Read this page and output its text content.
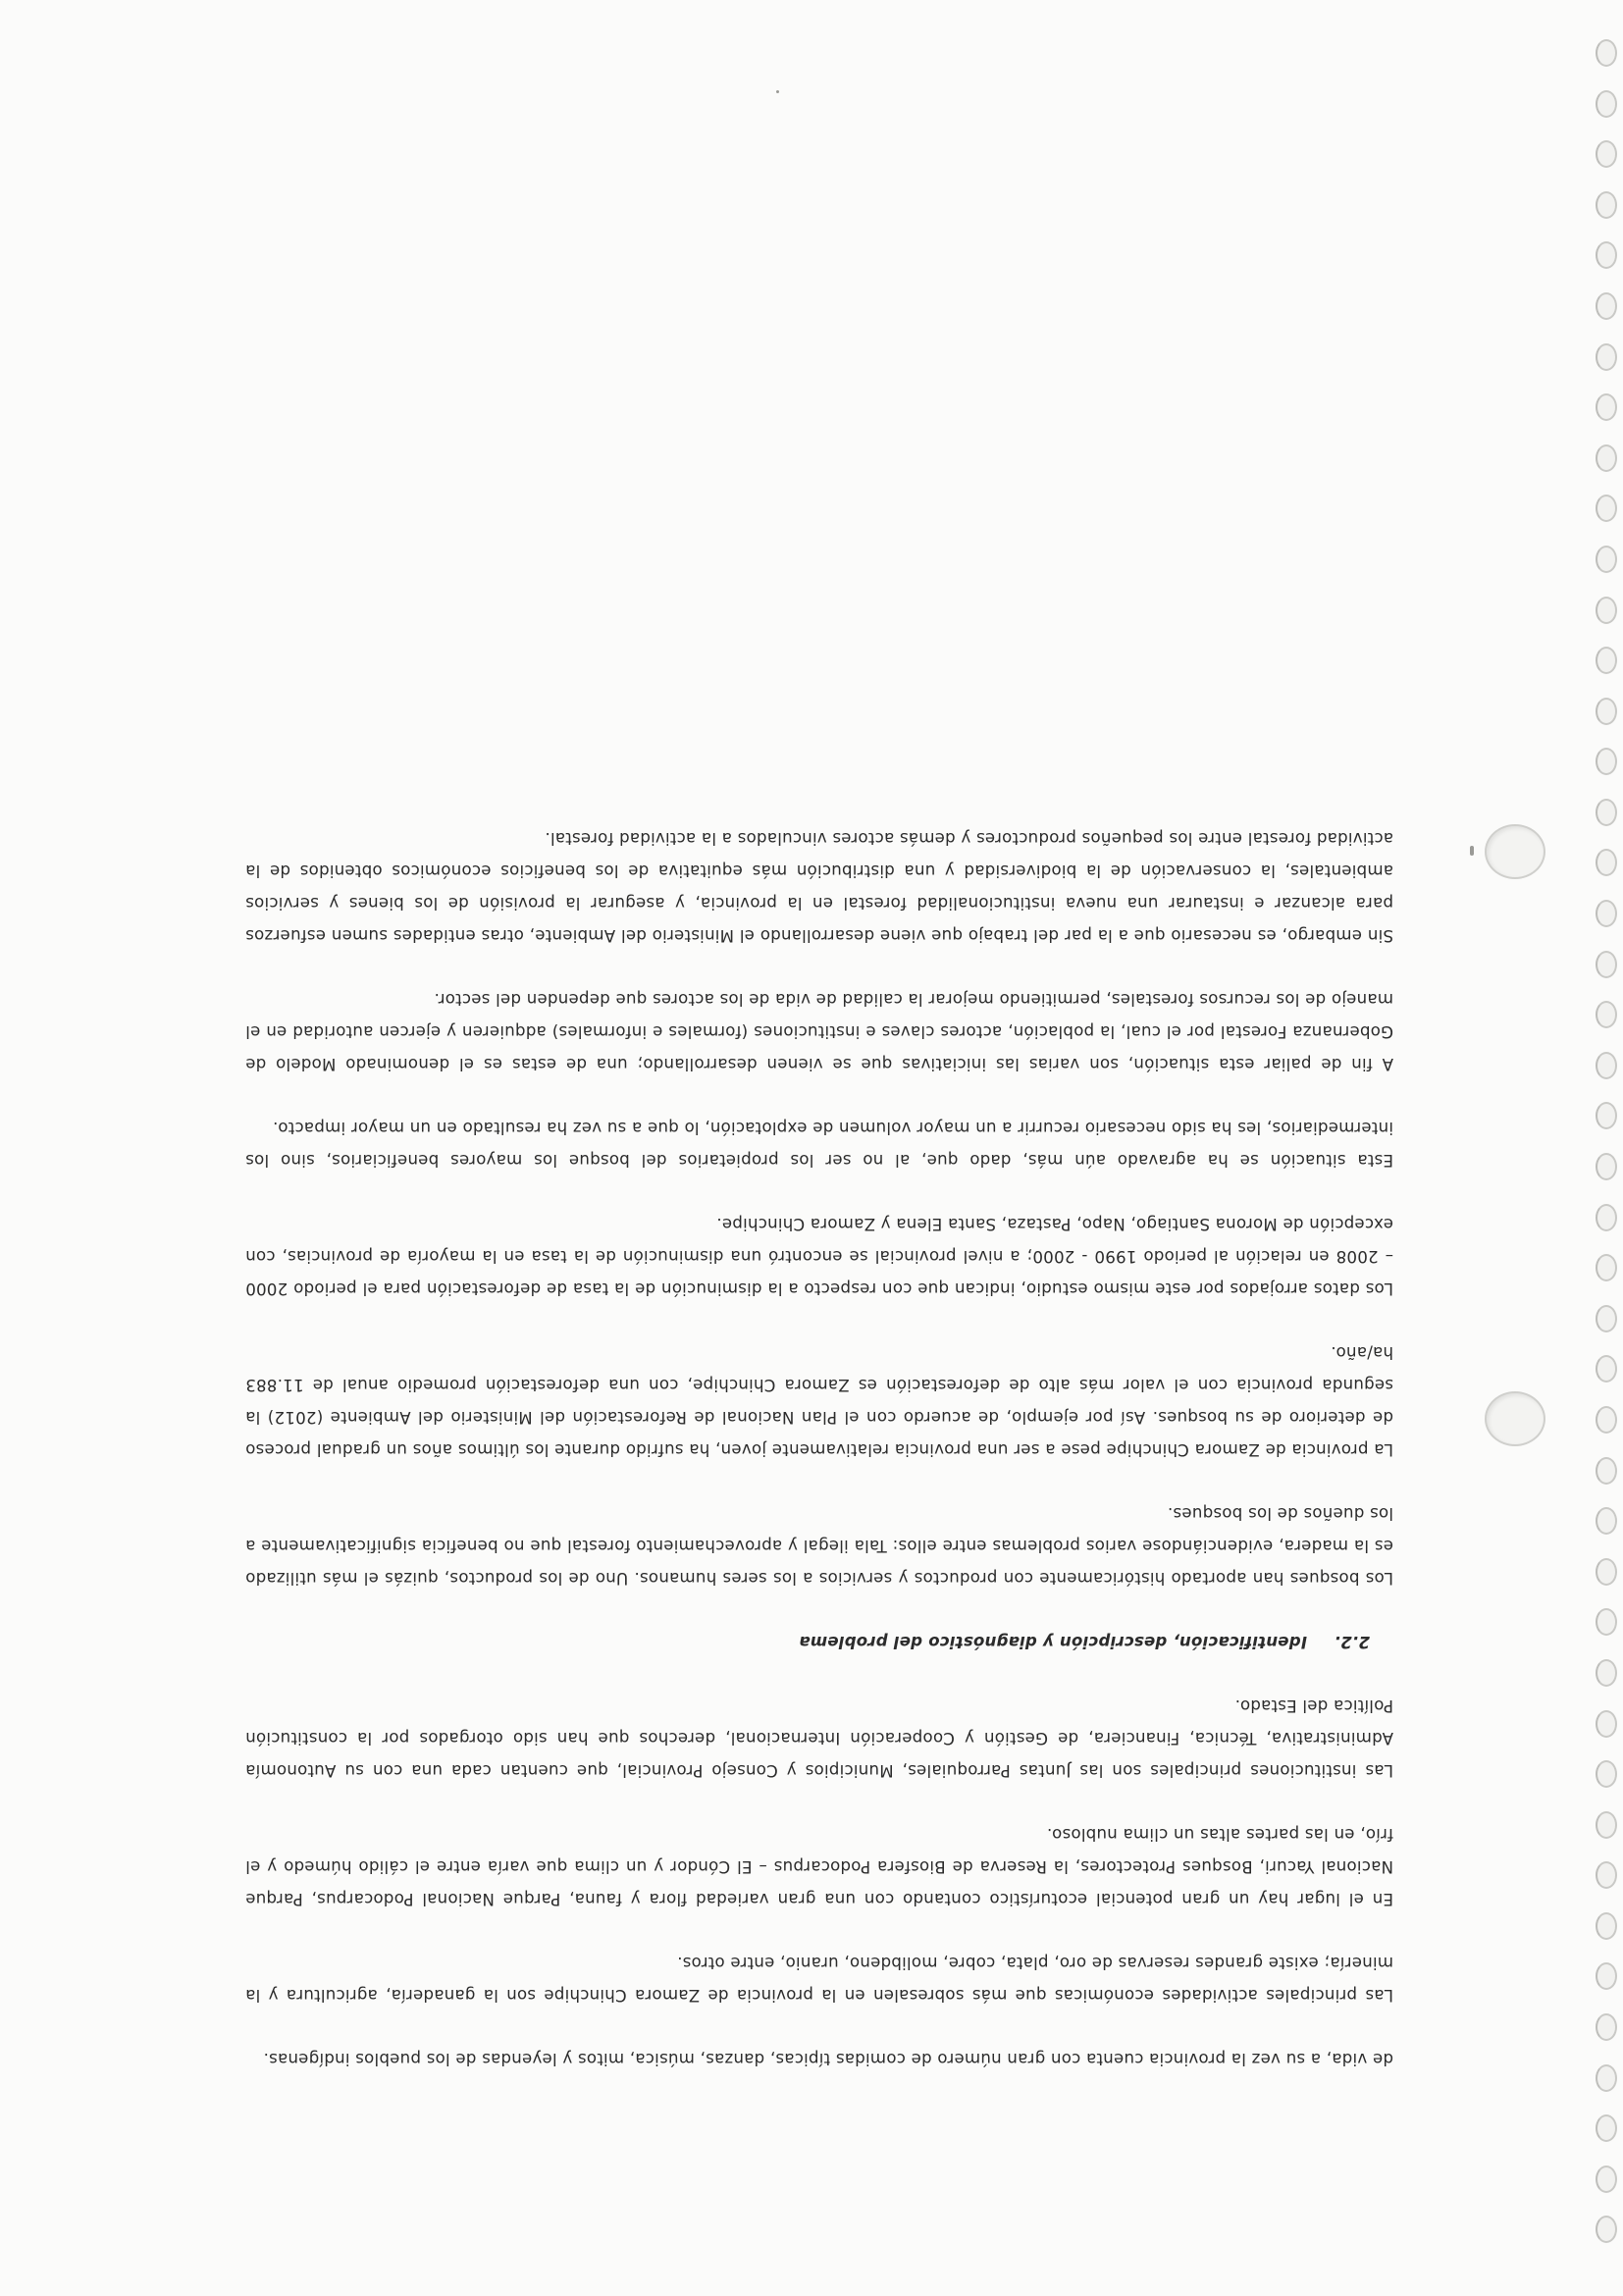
de vida, a su vez la provincia cuenta con gran número de comidas típicas, danzas, música, mitos y leyendas de los pueblos indígenas.

Las principales actividades económicas que más sobresalen en la provincia de Zamora Chinchipe son la ganadería, agricultura y la minería; existe grandes reservas de oro, plata, cobre, molibdeno, uranio, entre otros.

En el lugar hay un gran potencial ecoturístico contando con una gran variedad flora y fauna, Parque Nacional Podocarpus, Parque Nacional Yacuri, Bosques Protectores, la Reserva de Biosfera Podocarpus – El Cóndor y un clima que varía entre el cálido húmedo y el frío, en las partes altas un clima nubloso.

Las instituciones principales son las Juntas Parroquiales, Municipios y Consejo Provincial, que cuentan cada una con su Autonomía Administrativa, Técnica, Financiera, de Gestión y Cooperación Internacional, derechos que han sido otorgados por la constitución Política del Estado.

2.2.Identificación, descripción y diagnóstico del problema

Los bosques han aportado históricamente con productos y servicios a los seres humanos. Uno de los productos, quizás el más utilizado es la madera, evidenciándose varios problemas entre ellos: Tala ilegal y aprovechamiento forestal que no beneficia significativamente a los dueños de los bosques.

La provincia de Zamora Chinchipe pese a ser una provincia relativamente joven, ha sufrido durante los últimos años un gradual proceso de deterioro de su bosques. Así por ejemplo, de acuerdo con el Plan Nacional de Reforestación del Ministerio del Ambiente (2012) la segunda provincia con el valor más alto de deforestación es Zamora Chinchipe, con una deforestación promedio anual de 11.883 ha/año.

Los datos arrojados por este mismo estudio, indican que con respecto a la disminución de la tasa de deforestación para el periodo 2000 – 2008 en relación al periodo 1990 - 2000; a nivel provincial se encontró una disminución de la tasa en la mayoría de provincias, con excepción de Morona Santiago, Napo, Pastaza, Santa Elena y Zamora Chinchipe.

Esta situación se ha agravado aún más, dado que, al no ser los propietarios del bosque los mayores beneficiarios, sino los intermediarios, les ha sido necesario recurrir a un mayor volumen de explotación, lo que a su vez ha resultado en un mayor impacto.

A fin de paliar esta situación, son varias las iniciativas que se vienen desarrollando; una de estas es el denominado Modelo de Gobernanza Forestal por el cual, la población, actores claves e instituciones (formales e informales) adquieren y ejercen autoridad en el manejo de los recursos forestales, permitiendo mejorar la calidad de vida de los actores que dependen del sector.

Sin embargo, es necesario que a la par del trabajo que viene desarrollando el Ministerio del Ambiente, otras entidades sumen esfuerzos para alcanzar e instaurar una nueva institucionalidad forestal en la provincia, y asegurar la provisión de los bienes y servicios ambientales, la conservación de la biodiversidad y una distribución más equitativa de los beneficios económicos obtenidos de la actividad forestal entre los pequeños productores y demás actores vinculados a la actividad forestal.
